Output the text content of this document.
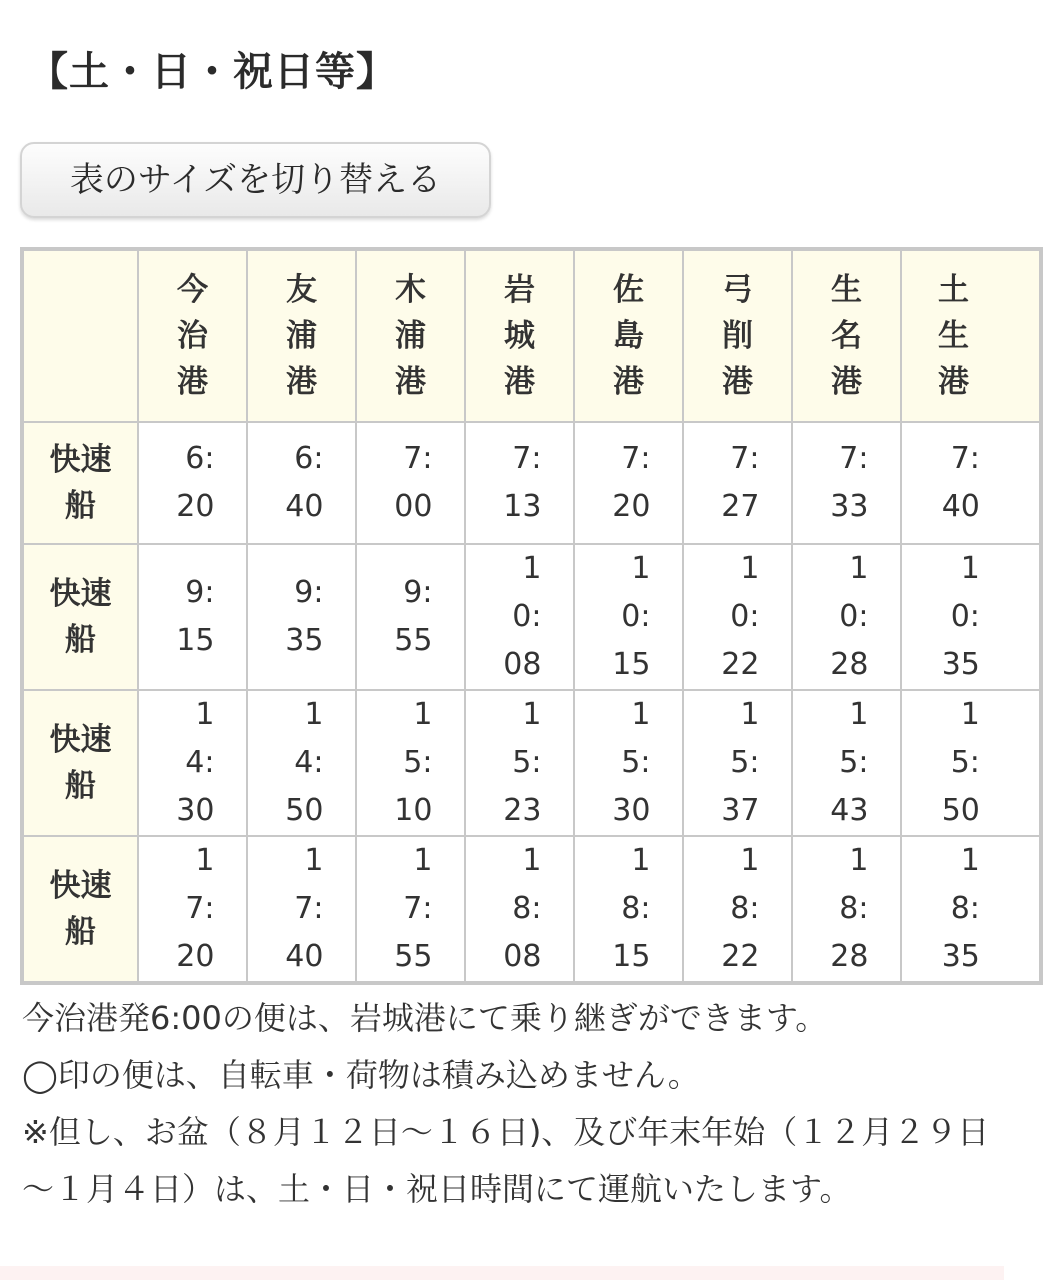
【土・日・祝日等】
表のサイズを切り替える
	今治港	友浦港	木浦港	岩城港	佐島港	弓削港	生名港	土生港
快速船	6:20	6:40	7:00	7:13	7:20	7:27	7:33	7:40
快速船	9:15	9:35	9:55	10:08	10:15	10:22	10:28	10:35
快速船	14:30	14:50	15:10	15:23	15:30	15:37	15:43	15:50
快速船	17:20	17:40	17:55	18:08	18:15	18:22	18:28	18:35

今治港発6:00の便は、岩城港にて乗り継ぎができます。

◯印の便は、自転車・荷物は積み込めません。

※但し、お盆（８月１２日～１６日)、及び年末年始（１２月２９日～１月４日）は、土・日・祝日時間にて運航いたします。
